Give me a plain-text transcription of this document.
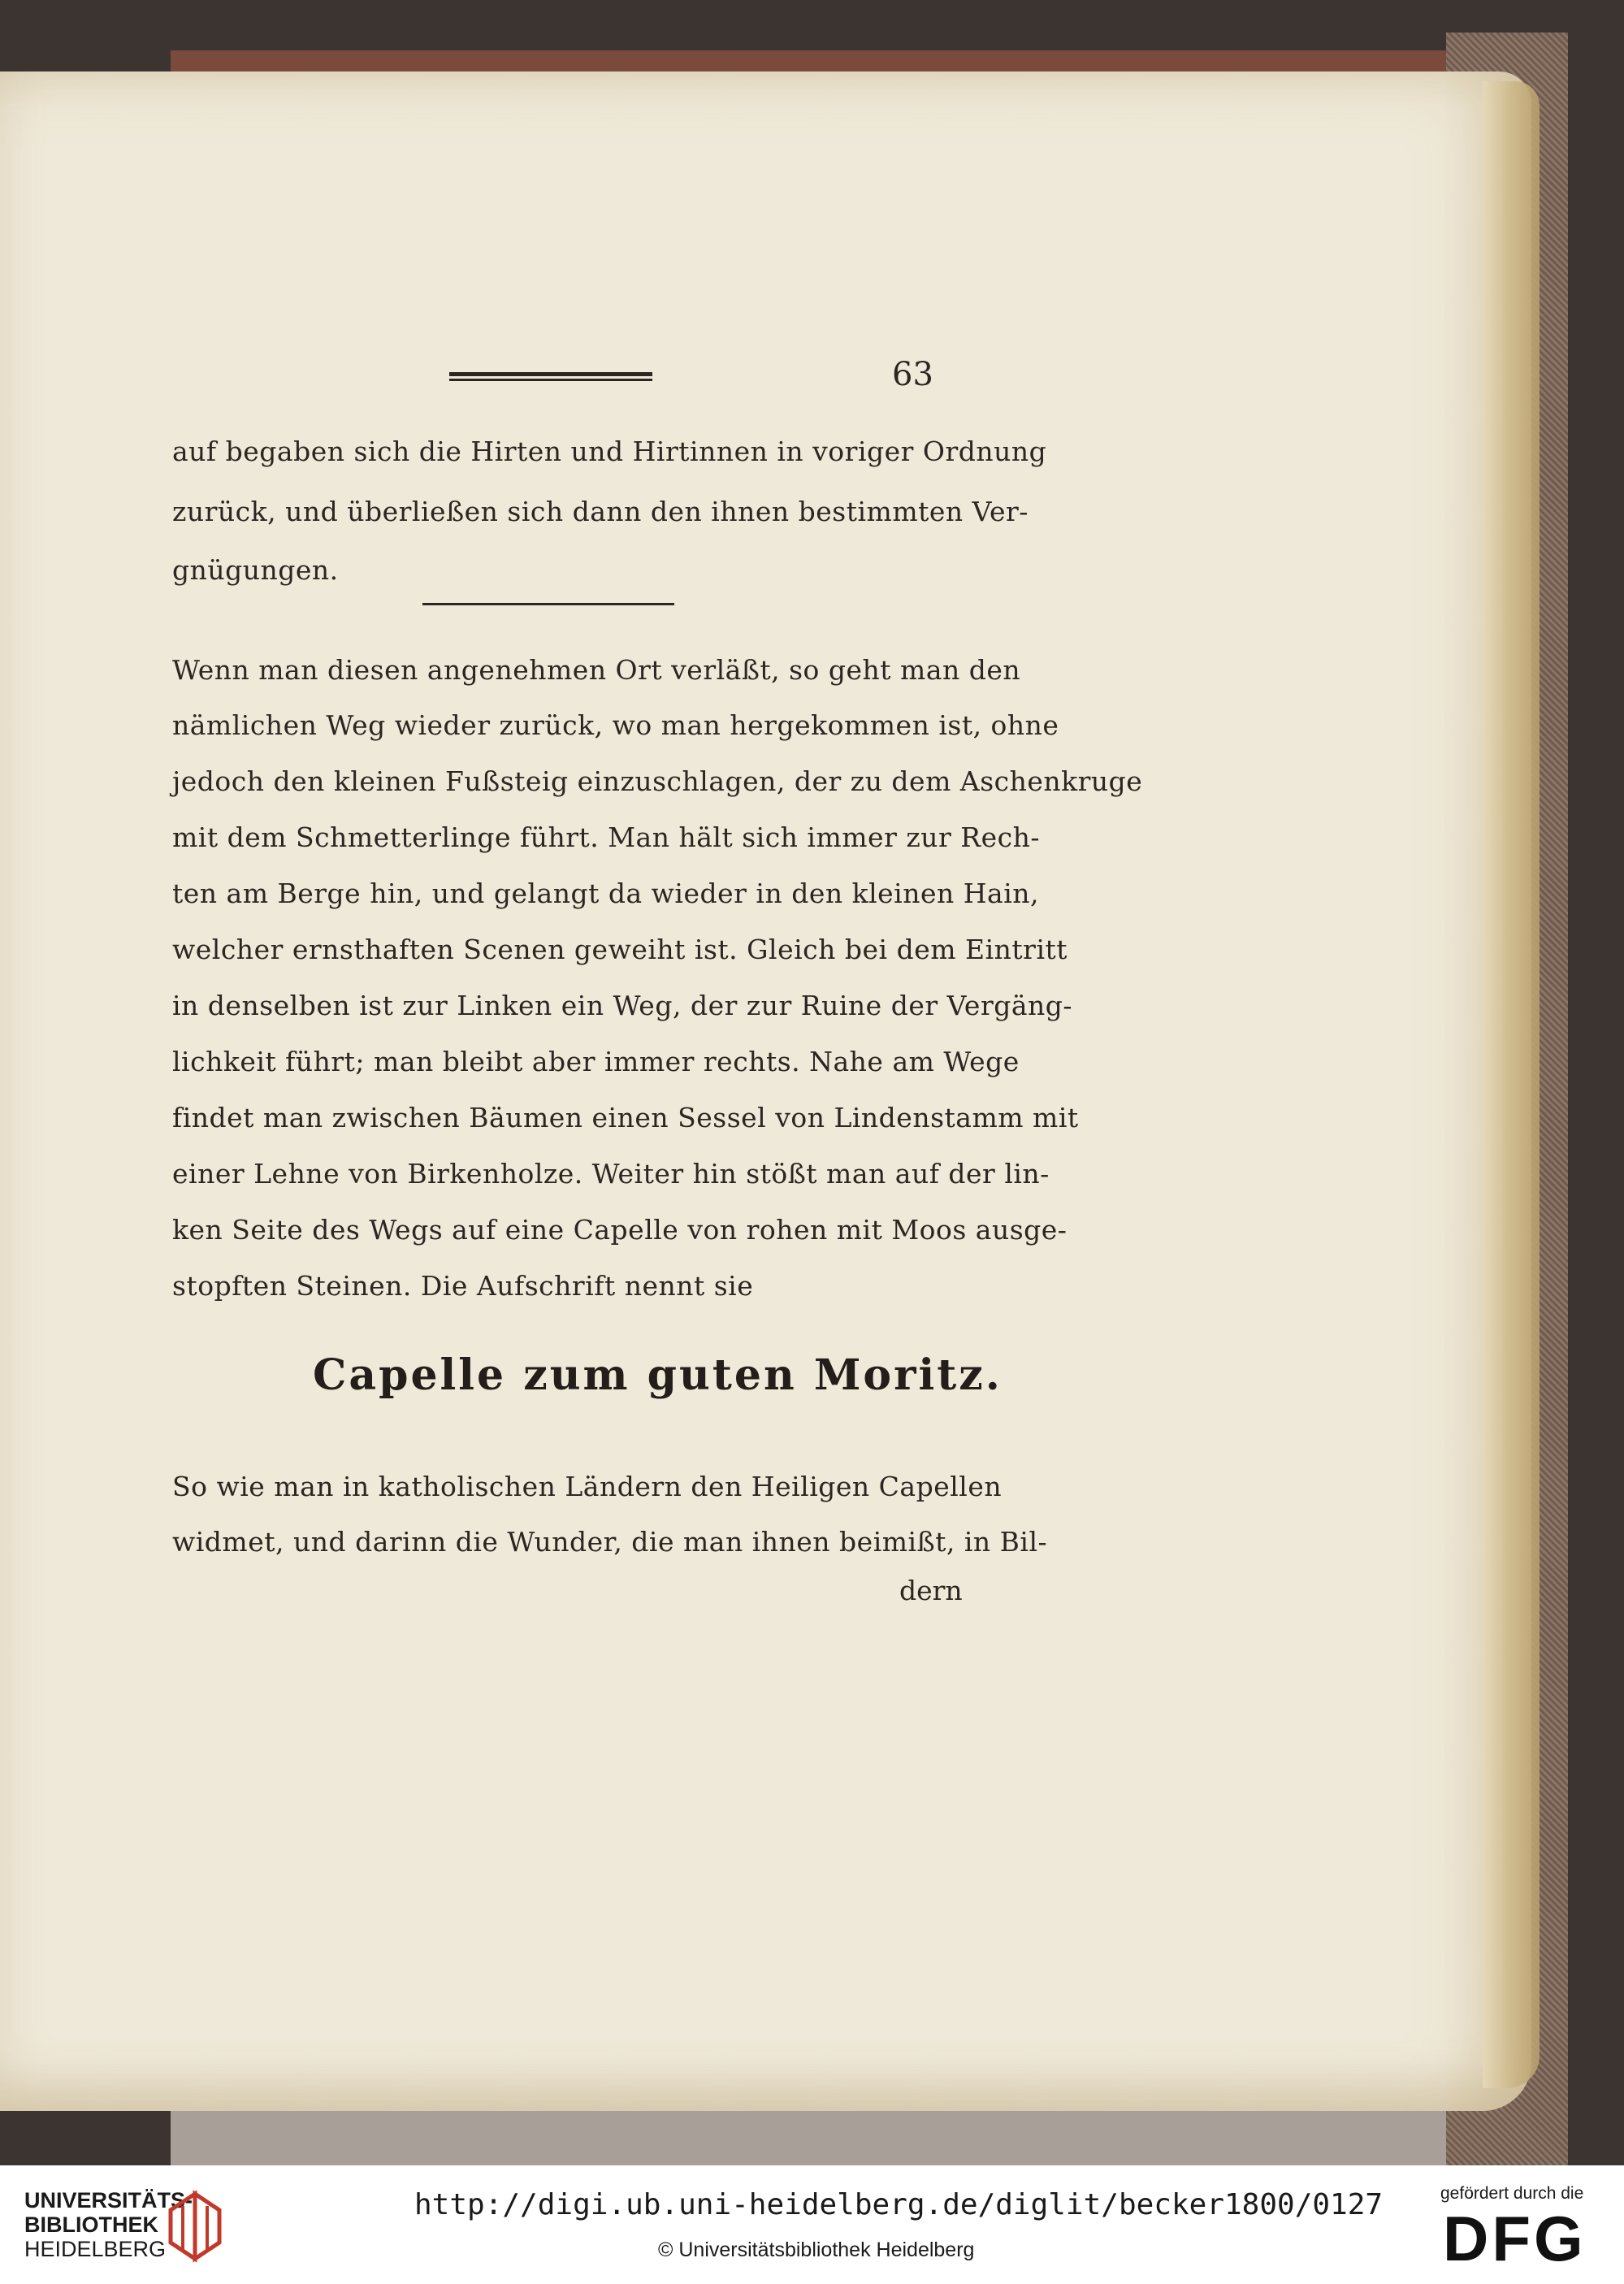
63
auf begaben sich die Hirten und Hirtinnen in voriger Ordnung
zurück, und überließen sich dann den ihnen bestimmten Ver-
gnügungen.
Wenn man diesen angenehmen Ort verläßt, so geht man den
nämlichen Weg wieder zurück, wo man hergekommen ist, ohne
jedoch den kleinen Fußsteig einzuschlagen, der zu dem Aschenkruge
mit dem Schmetterlinge führt. Man hält sich immer zur Rech-
ten am Berge hin, und gelangt da wieder in den kleinen Hain,
welcher ernsthaften Scenen geweiht ist. Gleich bei dem Eintritt
in denselben ist zur Linken ein Weg, der zur Ruine der Vergäng-
lichkeit führt; man bleibt aber immer rechts. Nahe am Wege
findet man zwischen Bäumen einen Sessel von Lindenstamm mit
einer Lehne von Birkenholze. Weiter hin stößt man auf der lin-
ken Seite des Wegs auf eine Capelle von rohen mit Moos ausge-
stopften Steinen. Die Aufschrift nennt sie
Capelle zum guten Moritz.
So wie man in katholischen Ländern den Heiligen Capellen
widmet, und darinn die Wunder, die man ihnen beimißt, in Bil-
dern
UNIVERSITÄTS-
BIBLIOTHEK
HEIDELBERG
http://digi.ub.uni-heidelberg.de/diglit/becker1800/0127
© Universitätsbibliothek Heidelberg
gefördert durch die
DFG
